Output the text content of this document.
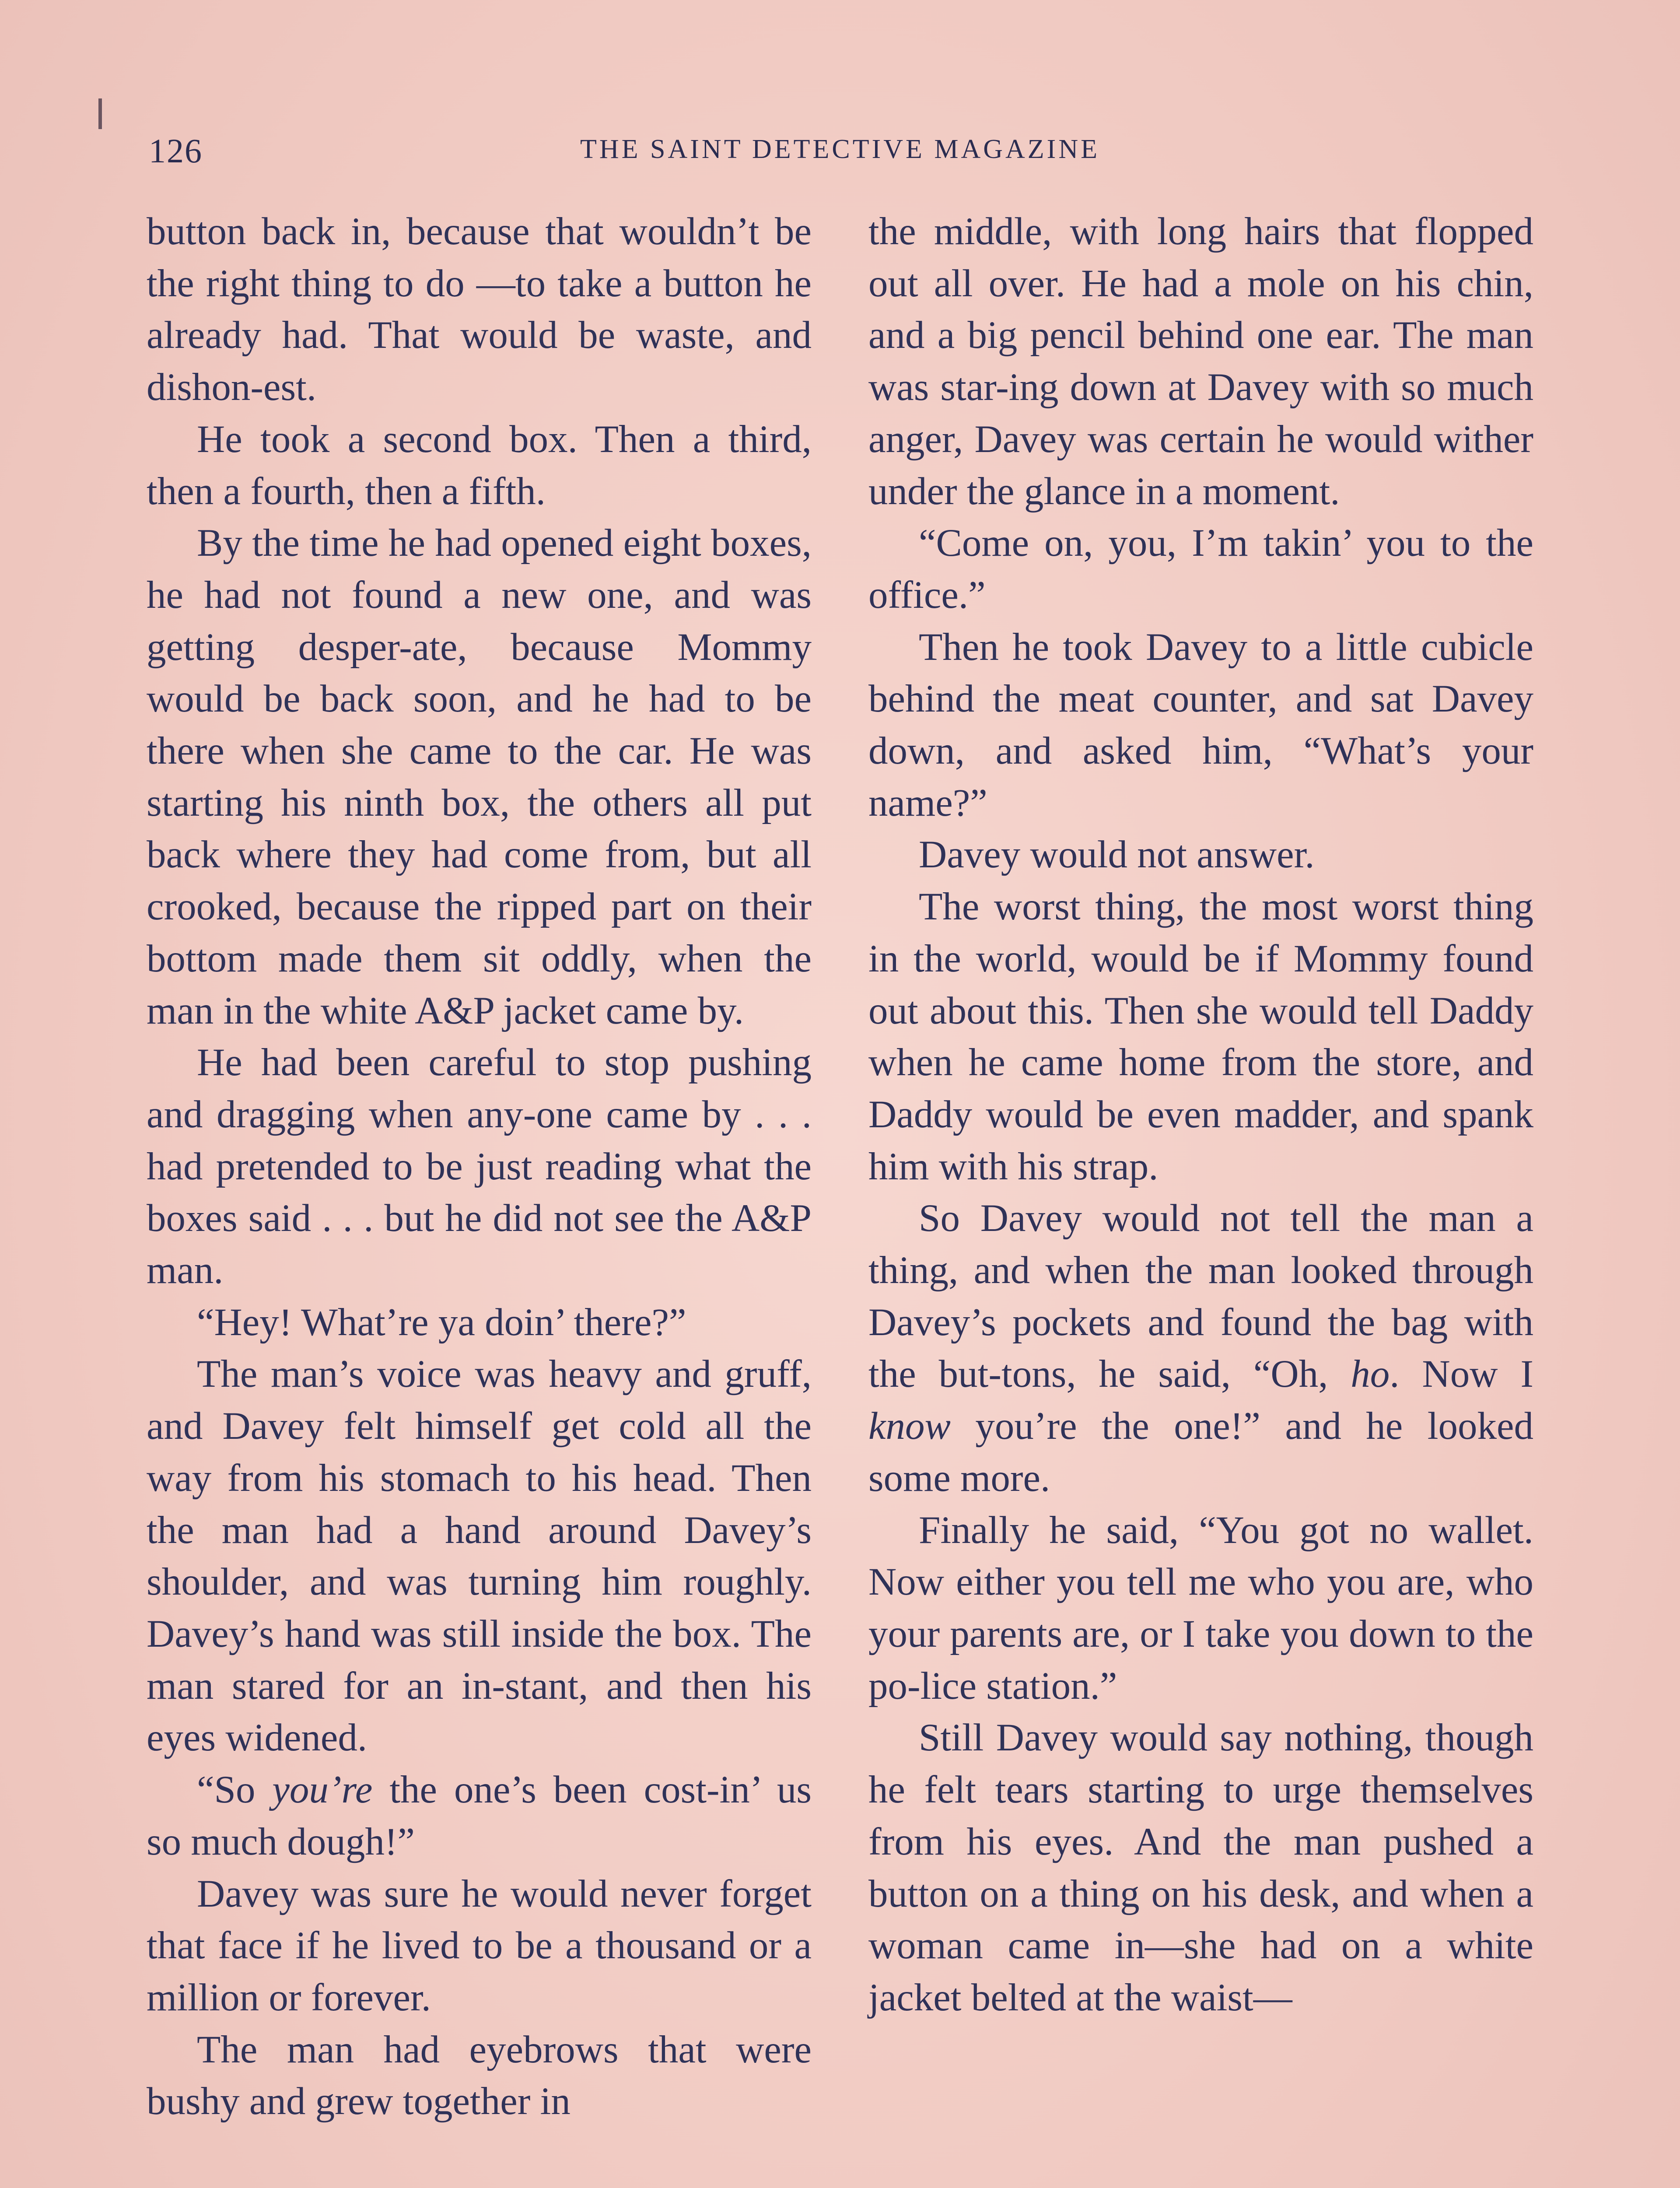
126	THE SAINT DETECTIVE MAGAZINE

button back in, because that wouldn’t be the right thing to do —to take a button he already had. That would be waste, and dishon-est.

He took a second box. Then a third, then a fourth, then a fifth.

By the time he had opened eight boxes, he had not found a new one, and was getting desper-ate, because Mommy would be back soon, and he had to be there when she came to the car. He was starting his ninth box, the others all put back where they had come from, but all crooked, because the ripped part on their bottom made them sit oddly, when the man in the white A&P jacket came by.

He had been careful to stop pushing and dragging when any-one came by . . . had pretended to be just reading what the boxes said . . . but he did not see the A&P man.

“Hey! What’re ya doin’ there?”

The man’s voice was heavy and gruff, and Davey felt himself get cold all the way from his stomach to his head. Then the man had a hand around Davey’s shoulder, and was turning him roughly. Davey’s hand was still inside the box. The man stared for an in-stant, and then his eyes widened.

“So you’re the one’s been cost-in’ us so much dough!”

Davey was sure he would never forget that face if he lived to be a thousand or a million or forever.

The man had eyebrows that were bushy and grew together in

the middle, with long hairs that flopped out all over. He had a mole on his chin, and a big pencil behind one ear. The man was star-ing down at Davey with so much anger, Davey was certain he would wither under the glance in a moment.

“Come on, you, I’m takin’ you to the office.”

Then he took Davey to a little cubicle behind the meat counter, and sat Davey down, and asked him, “What’s your name?”

Davey would not answer.

The worst thing, the most worst thing in the world, would be if Mommy found out about this. Then she would tell Daddy when he came home from the store, and Daddy would be even madder, and spank him with his strap.

So Davey would not tell the man a thing, and when the man looked through Davey’s pockets and found the bag with the but-tons, he said, “Oh, ho. Now I know you’re the one!” and he looked some more.

Finally he said, “You got no wallet. Now either you tell me who you are, who your parents are, or I take you down to the po-lice station.”

Still Davey would say nothing, though he felt tears starting to urge themselves from his eyes. And the man pushed a button on a thing on his desk, and when a woman came in—she had on a white jacket belted at the waist—
